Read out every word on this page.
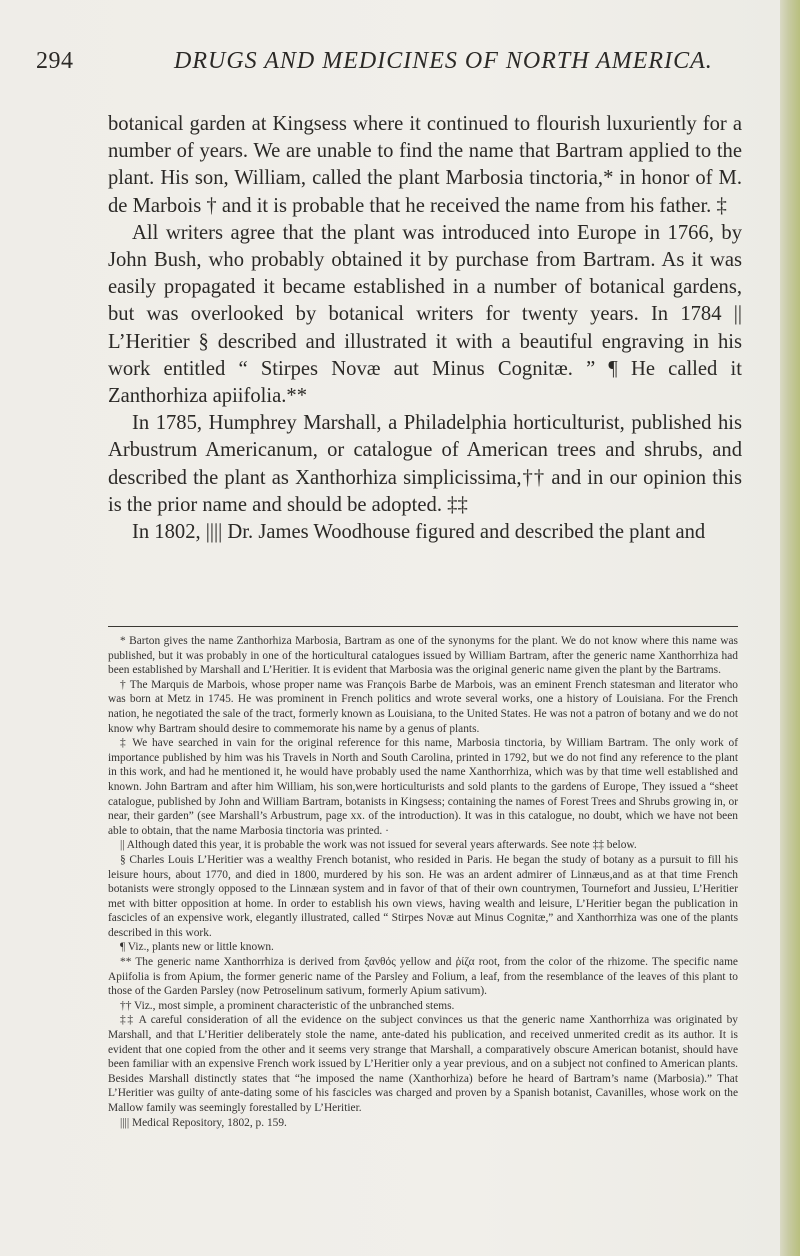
294	DRUGS AND MEDICINES OF NORTH AMERICA.

botanical garden at Kingsess where it continued to flourish luxuriently for a number of years. We are unable to find the name that Bartram applied to the plant. His son, William, called the plant Marbosia tinctoria,* in honor of M. de Marbois † and it is probable that he received the name from his father. ‡

All writers agree that the plant was introduced into Europe in 1766, by John Bush, who probably obtained it by purchase from Bartram. As it was easily propagated it became established in a number of botanical gardens, but was overlooked by botanical writers for twenty years. In 1784 || L’Heritier § described and illustrated it with a beautiful engraving in his work entitled “ Stirpes Novæ aut Minus Cognitæ. ” ¶ He called it Zanthorhiza apiifolia.**

In 1785, Humphrey Marshall, a Philadelphia horticulturist, published his Arbustrum Americanum, or catalogue of American trees and shrubs, and described the plant as Xanthorhiza simplicissima,†† and in our opinion this is the prior name and should be adopted. ‡‡

In 1802, |||| Dr. James Woodhouse figured and described the plant and

* Barton gives the name Zanthorhiza Marbosia, Bartram as one of the synonyms for the plant. We do not know where this name was published, but it was probably in one of the horticultural catalogues issued by William Bartram, after the generic name Xanthorrhiza had been established by Marshall and L’Heritier. It is evident that Marbosia was the original generic name given the plant by the Bartrams.

† The Marquis de Marbois, whose proper name was François Barbe de Marbois, was an eminent French statesman and literator who was born at Metz in 1745. He was prominent in French politics and wrote several works, one a history of Louisiana. For the French nation, he negotiated the sale of the tract, formerly known as Louisiana, to the United States. He was not a patron of botany and we do not know why Bartram should desire to commemorate his name by a genus of plants.

‡ We have searched in vain for the original reference for this name, Marbosia tinctoria, by William Bartram. The only work of importance published by him was his Travels in North and South Carolina, printed in 1792, but we do not find any reference to the plant in this work, and had he mentioned it, he would have probably used the name Xanthorrhiza, which was by that time well established and known. John Bartram and after him William, his son,were horticulturists and sold plants to the gardens of Europe, They issued a “sheet catalogue, published by John and William Bartram, botanists in Kingsess; containing the names of Forest Trees and Shrubs growing in, or near, their garden” (see Marshall’s Arbustrum, page xx. of the introduction). It was in this catalogue, no doubt, which we have not been able to obtain, that the name Marbosia tinctoria was printed. ·

|| Although dated this year, it is probable the work was not issued for several years afterwards. See note ‡‡ below.

§ Charles Louis L’Heritier was a wealthy French botanist, who resided in Paris. He began the study of botany as a pursuit to fill his leisure hours, about 1770, and died in 1800, murdered by his son. He was an ardent admirer of Linnæus,and as at that time French botanists were strongly opposed to the Linnæan system and in favor of that of their own countrymen, Tournefort and Jussieu, L’Heritier met with bitter opposition at home. In order to establish his own views, having wealth and leisure, L’Heritier began the publication in fascicles of an expensive work, elegantly illustrated, called “ Stirpes Novæ aut Minus Cognitæ,” and Xanthorrhiza was one of the plants described in this work.

¶ Viz., plants new or little known.

** The generic name Xanthorrhiza is derived from ξανθός yellow and ῥίζα root, from the color of the rhizome. The specific name Apiifolia is from Apium, the former generic name of the Parsley and Folium, a leaf, from the resemblance of the leaves of this plant to those of the Garden Parsley (now Petroselinum sativum, formerly Apium sativum).

†† Viz., most simple, a prominent characteristic of the unbranched stems.

‡‡ A careful consideration of all the evidence on the subject convinces us that the generic name Xanthorrhiza was originated by Marshall, and that L’Heritier deliberately stole the name, ante-dated his publication, and received unmerited credit as its author. It is evident that one copied from the other and it seems very strange that Marshall, a comparatively obscure American botanist, should have been familiar with an expensive French work issued by L’Heritier only a year previous, and on a subject not confined to American plants. Besides Marshall distinctly states that “he imposed the name (Xanthorhiza) before he heard of Bartram’s name (Marbosia).” That L’Heritier was guilty of ante-dating some of his fascicles was charged and proven by a Spanish botanist, Cavanilles, whose work on the Mallow family was seemingly forestalled by L’Heritier.

|||| Medical Repository, 1802, p. 159.
